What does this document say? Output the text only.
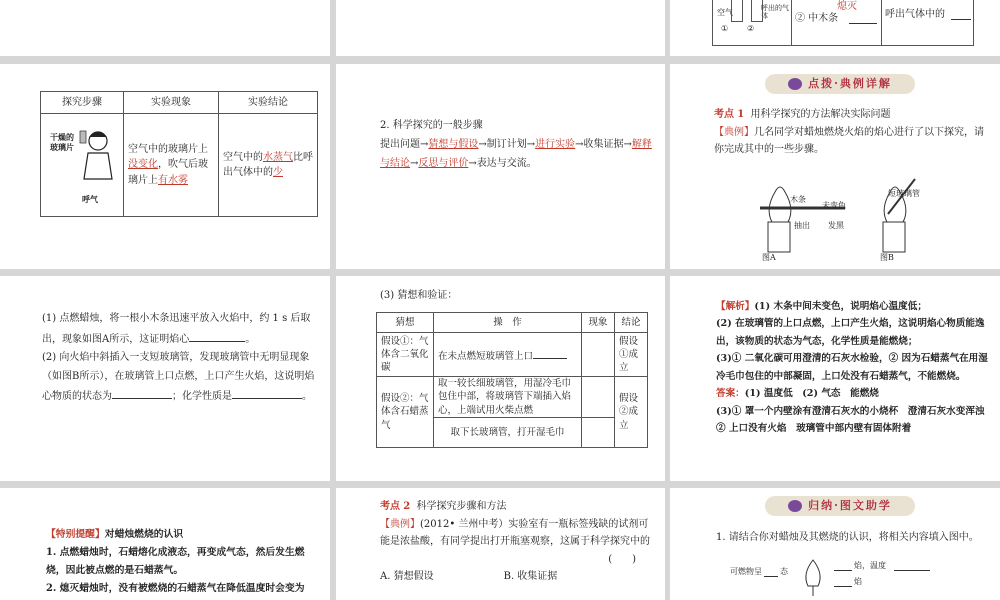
空气
① ②
呼出的气体
熄灭
② 中木条	呼出气体中的
探究步骤	实验现象	实验结论

干燥的玻璃片
呼气	空气中的玻璃片上没变化，吹气后玻璃片上有水雾	空气中的水蒸气比呼出气体中的少
2. 科学探究的一般步骤
提出问题→猜想与假设→制订计划→进行实验→收集证据→解释与结论→反思与评价→表达与交流。
点拨·典例详解
考点 1 用科学探究的方法解决实际问题
【典例】几名同学对蜡烛燃烧火焰的焰心进行了以下探究，请你完成其中的一些步骤。
木条
未变色
抽出 发黑
短玻璃管
图A	图B
(1) 点燃蜡烛，将一根小木条迅速平放入火焰中，约 1 s 后取出，现象如图A所示，这证明焰心	。
(2) 向火焰中斜插入一支短玻璃管，发现玻璃管中无明显现象（如图B所示），在玻璃管上口点燃，上口产生火焰，这说明焰心物质的状态为	；化学性质是	。
(3) 猜想和验证：
猜想	操　作	现象	结论
假设①：气体含二氧化碳	在未点燃短玻璃管上口		假设①成立
假设②：气体含石蜡蒸气	取一较长细玻璃管，用湿冷毛巾包住中部，将玻璃管下端插入焰心，上端试用火柴点燃		假设②成立
	取下长玻璃管，打开湿毛巾		
【解析】(1) 木条中间未变色，说明焰心温度低；
(2) 在玻璃管的上口点燃，上口产生火焰，这说明焰心物质能逸出，该物质的状态为气态，化学性质是能燃烧；
(3)① 二氧化碳可用澄清的石灰水检验，② 因为石蜡蒸气在用湿冷毛巾包住的中部凝固，上口处没有石蜡蒸气，不能燃烧。
答案：(1) 温度低　(2) 气态　能燃烧
(3)① 罩一个内壁涂有澄清石灰水的小烧杯　澄清石灰水变浑浊
② 上口没有火焰　玻璃管中部内壁有固体附着
【特别提醒】对蜡烛燃烧的认识
1. 点燃蜡烛时，石蜡熔化成液态，再变成气态，然后发生燃烧，因此被点燃的是石蜡蒸气。
2. 熄灭蜡烛时，没有被燃烧的石蜡蒸气在降低温度时会变为
考点 2 科学探究步骤和方法
【典例】(2012• 兰州中考）实验室有一瓶标签残缺的试剂可能是浓盐酸，有同学提出打开瓶塞观察，这属于科学探究中的
(　　)
A. 猜想假设	B. 收集证据
归纳·图文助学
1. 请结合你对蜡烛及其燃烧的认识，将相关内容填入图中。
可燃物呈 态
焰，温度
焰
